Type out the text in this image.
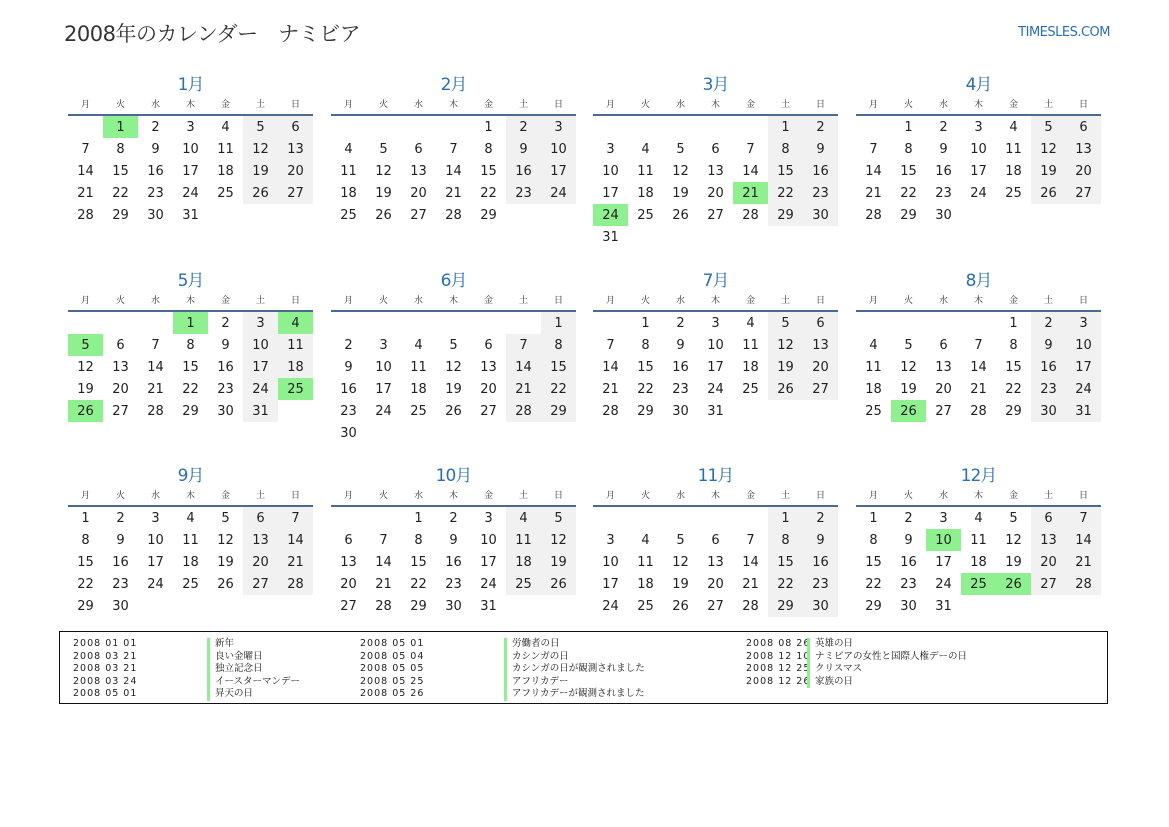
2008年のカレンダー　ナミビア	TIMESLES.COM
1月
月	火	水	木	金	土	日
	1	2	3	4	5	6
7	8	9	10	11	12	13
14	15	16	17	18	19	20
21	22	23	24	25	26	27
28	29	30	31			
2月
月	火	水	木	金	土	日
				1	2	3
4	5	6	7	8	9	10
11	12	13	14	15	16	17
18	19	20	21	22	23	24
25	26	27	28	29		
3月
月	火	水	木	金	土	日
					1	2
3	4	5	6	7	8	9
10	11	12	13	14	15	16
17	18	19	20	21	22	23
24	25	26	27	28	29	30
31						
4月
月	火	水	木	金	土	日
	1	2	3	4	5	6
7	8	9	10	11	12	13
14	15	16	17	18	19	20
21	22	23	24	25	26	27
28	29	30				
5月
月	火	水	木	金	土	日
			1	2	3	4
5	6	7	8	9	10	11
12	13	14	15	16	17	18
19	20	21	22	23	24	25
26	27	28	29	30	31	
6月
月	火	水	木	金	土	日
						1
2	3	4	5	6	7	8
9	10	11	12	13	14	15
16	17	18	19	20	21	22
23	24	25	26	27	28	29
30						
7月
月	火	水	木	金	土	日
	1	2	3	4	5	6
7	8	9	10	11	12	13
14	15	16	17	18	19	20
21	22	23	24	25	26	27
28	29	30	31			
8月
月	火	水	木	金	土	日
				1	2	3
4	5	6	7	8	9	10
11	12	13	14	15	16	17
18	19	20	21	22	23	24
25	26	27	28	29	30	31
9月
月	火	水	木	金	土	日
1	2	3	4	5	6	7
8	9	10	11	12	13	14
15	16	17	18	19	20	21
22	23	24	25	26	27	28
29	30					
10月
月	火	水	木	金	土	日
		1	2	3	4	5
6	7	8	9	10	11	12
13	14	15	16	17	18	19
20	21	22	23	24	25	26
27	28	29	30	31		
11月
月	火	水	木	金	土	日
					1	2
3	4	5	6	7	8	9
10	11	12	13	14	15	16
17	18	19	20	21	22	23
24	25	26	27	28	29	30
12月
月	火	水	木	金	土	日
1	2	3	4	5	6	7
8	9	10	11	12	13	14
15	16	17	18	19	20	21
22	23	24	25	26	27	28
29	30	31				
2008 01 01	新年
2008 03 21	良い金曜日
2008 03 21	独立記念日
2008 03 24	イースターマンデー
2008 05 01	昇天の日
2008 05 01	労働者の日
2008 05 04	カシンガの日
2008 05 05	カシンガの日が観測されました
2008 05 25	アフリカデー
2008 05 26	アフリカデーが観測されました
2008 08 26 英雄の日
2008 12 10 ナミビアの女性と国際人権デーの日
2008 12 25 クリスマス
2008 12 26 家族の日
